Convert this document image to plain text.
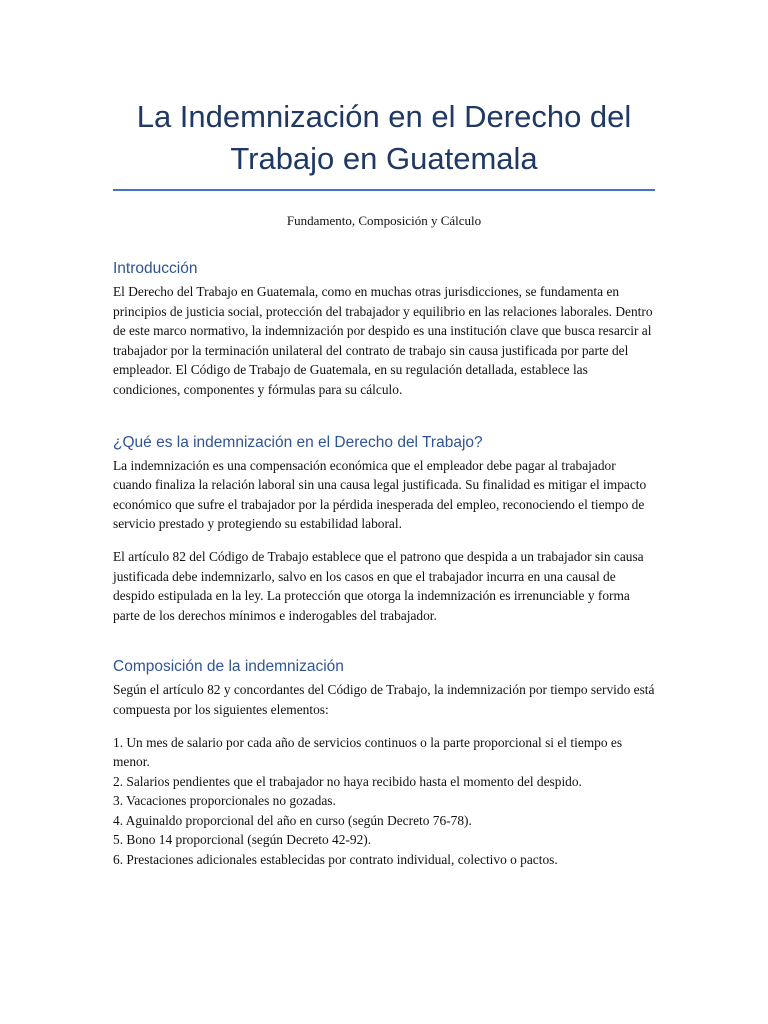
La Indemnización en el Derecho del Trabajo en Guatemala

Fundamento, Composición y Cálculo

Introducción

El Derecho del Trabajo en Guatemala, como en muchas otras jurisdicciones, se fundamenta en principios de justicia social, protección del trabajador y equilibrio en las relaciones laborales. Dentro de este marco normativo, la indemnización por despido es una institución clave que busca resarcir al trabajador por la terminación unilateral del contrato de trabajo sin causa justificada por parte del empleador. El Código de Trabajo de Guatemala, en su regulación detallada, establece las condiciones, componentes y fórmulas para su cálculo.

¿Qué es la indemnización en el Derecho del Trabajo?

La indemnización es una compensación económica que el empleador debe pagar al trabajador cuando finaliza la relación laboral sin una causa legal justificada. Su finalidad es mitigar el impacto económico que sufre el trabajador por la pérdida inesperada del empleo, reconociendo el tiempo de servicio prestado y protegiendo su estabilidad laboral.

El artículo 82 del Código de Trabajo establece que el patrono que despida a un trabajador sin causa justificada debe indemnizarlo, salvo en los casos en que el trabajador incurra en una causal de despido estipulada en la ley. La protección que otorga la indemnización es irrenunciable y forma parte de los derechos mínimos e inderogables del trabajador.

Composición de la indemnización

Según el artículo 82 y concordantes del Código de Trabajo, la indemnización por tiempo servido está compuesta por los siguientes elementos:

1. Un mes de salario por cada año de servicios continuos o la parte proporcional si el tiempo es menor.
2. Salarios pendientes que el trabajador no haya recibido hasta el momento del despido.
3. Vacaciones proporcionales no gozadas.
4. Aguinaldo proporcional del año en curso (según Decreto 76-78).
5. Bono 14 proporcional (según Decreto 42-92).
6. Prestaciones adicionales establecidas por contrato individual, colectivo o pactos.
